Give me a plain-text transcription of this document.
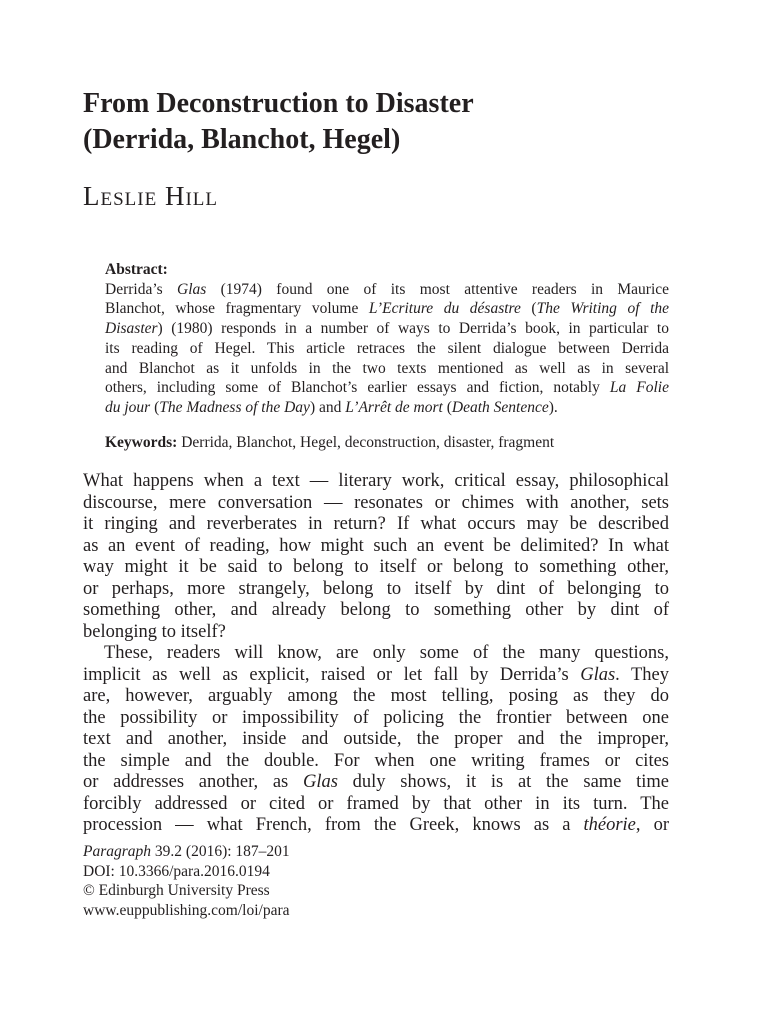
From Deconstruction to Disaster
(Derrida, Blanchot, Hegel)
Leslie Hill
Abstract:
Derrida’s Glas (1974) found one of its most attentive readers in Maurice
Blanchot, whose fragmentary volume L’Ecriture du désastre (The Writing of the
Disaster) (1980) responds in a number of ways to Derrida’s book, in particular to
its reading of Hegel. This article retraces the silent dialogue between Derrida
and Blanchot as it unfolds in the two texts mentioned as well as in several
others, including some of Blanchot’s earlier essays and fiction, notably La Folie
du jour (The Madness of the Day) and L’Arrêt de mort (Death Sentence).
Keywords: Derrida, Blanchot, Hegel, deconstruction, disaster, fragment
What happens when a text — literary work, critical essay, philosophical
discourse, mere conversation — resonates or chimes with another, sets
it ringing and reverberates in return? If what occurs may be described
as an event of reading, how might such an event be delimited? In what
way might it be said to belong to itself or belong to something other,
or perhaps, more strangely, belong to itself by dint of belonging to
something other, and already belong to something other by dint of
belonging to itself?
These, readers will know, are only some of the many questions,
implicit as well as explicit, raised or let fall by Derrida’s Glas. They
are, however, arguably among the most telling, posing as they do
the possibility or impossibility of policing the frontier between one
text and another, inside and outside, the proper and the improper,
the simple and the double. For when one writing frames or cites
or addresses another, as Glas duly shows, it is at the same time
forcibly addressed or cited or framed by that other in its turn. The
procession — what French, from the Greek, knows as a théorie, or
Paragraph 39.2 (2016): 187–201
DOI: 10.3366/para.2016.0194
© Edinburgh University Press
www.euppublishing.com/loi/para
